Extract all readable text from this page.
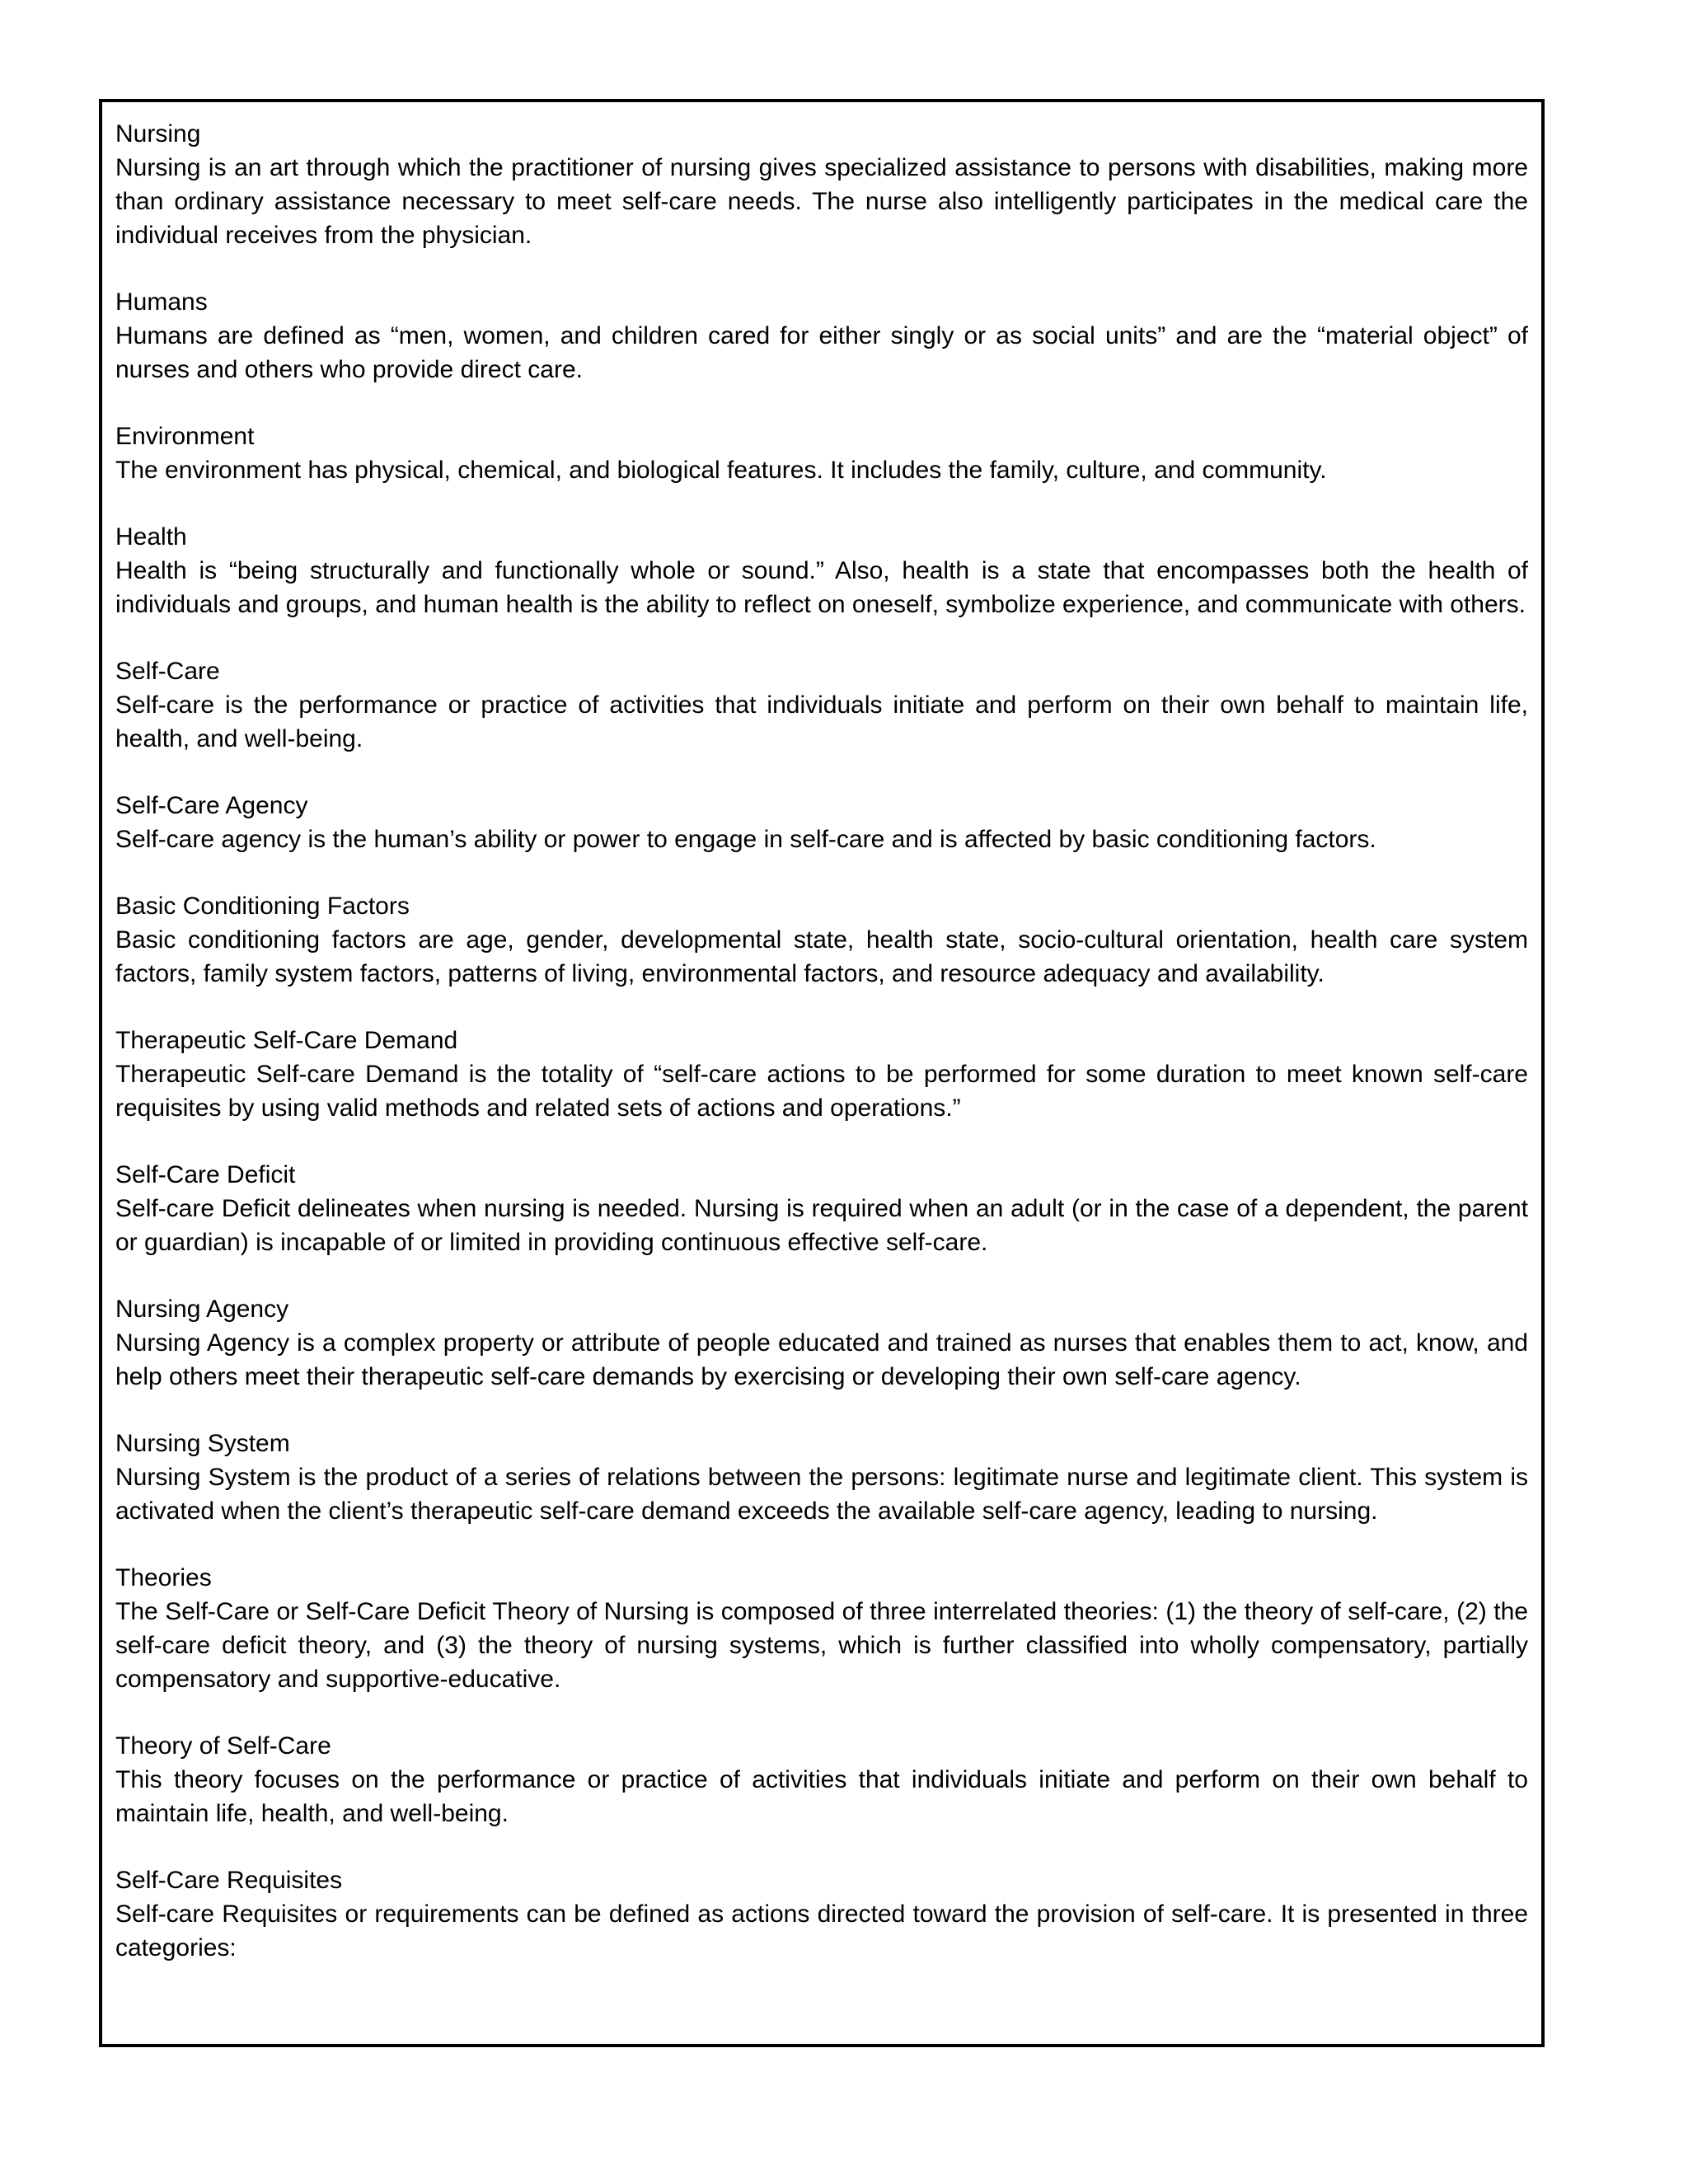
Nursing

Nursing is an art through which the practitioner of nursing gives specialized assistance to persons with disabilities, making more than ordinary assistance necessary to meet self-care needs. The nurse also intelligently participates in the medical care the individual receives from the physician.

Humans

Humans are defined as “men, women, and children cared for either singly or as social units” and are the “material object” of nurses and others who provide direct care.

Environment

The environment has physical, chemical, and biological features. It includes the family, culture, and community.

Health

Health is “being structurally and functionally whole or sound.” Also, health is a state that encompasses both the health of individuals and groups, and human health is the ability to reflect on oneself, symbolize experience, and communicate with others.

Self-Care

Self-care is the performance or practice of activities that individuals initiate and perform on their own behalf to maintain life, health, and well-being.

Self-Care Agency

Self-care agency is the human’s ability or power to engage in self-care and is affected by basic conditioning factors.

Basic Conditioning Factors

Basic conditioning factors are age, gender, developmental state, health state, socio-cultural orientation, health care system factors, family system factors, patterns of living, environmental factors, and resource adequacy and availability.

Therapeutic Self-Care Demand

Therapeutic Self-care Demand is the totality of “self-care actions to be performed for some duration to meet known self-care requisites by using valid methods and related sets of actions and operations.”

Self-Care Deficit

Self-care Deficit delineates when nursing is needed. Nursing is required when an adult (or in the case of a dependent, the parent or guardian) is incapable of or limited in providing continuous effective self-care.

Nursing Agency

Nursing Agency is a complex property or attribute of people educated and trained as nurses that enables them to act, know, and help others meet their therapeutic self-care demands by exercising or developing their own self-care agency.

Nursing System

Nursing System is the product of a series of relations between the persons: legitimate nurse and legitimate client. This system is activated when the client’s therapeutic self-care demand exceeds the available self-care agency, leading to nursing.

Theories

The Self-Care or Self-Care Deficit Theory of Nursing is composed of three interrelated theories: (1) the theory of self-care, (2) the self-care deficit theory, and (3) the theory of nursing systems, which is further classified into wholly compensatory, partially compensatory and supportive-educative.

Theory of Self-Care

This theory focuses on the performance or practice of activities that individuals initiate and perform on their own behalf to maintain life, health, and well-being.

Self-Care Requisites

Self-care Requisites or requirements can be defined as actions directed toward the provision of self-care. It is presented in three categories:
